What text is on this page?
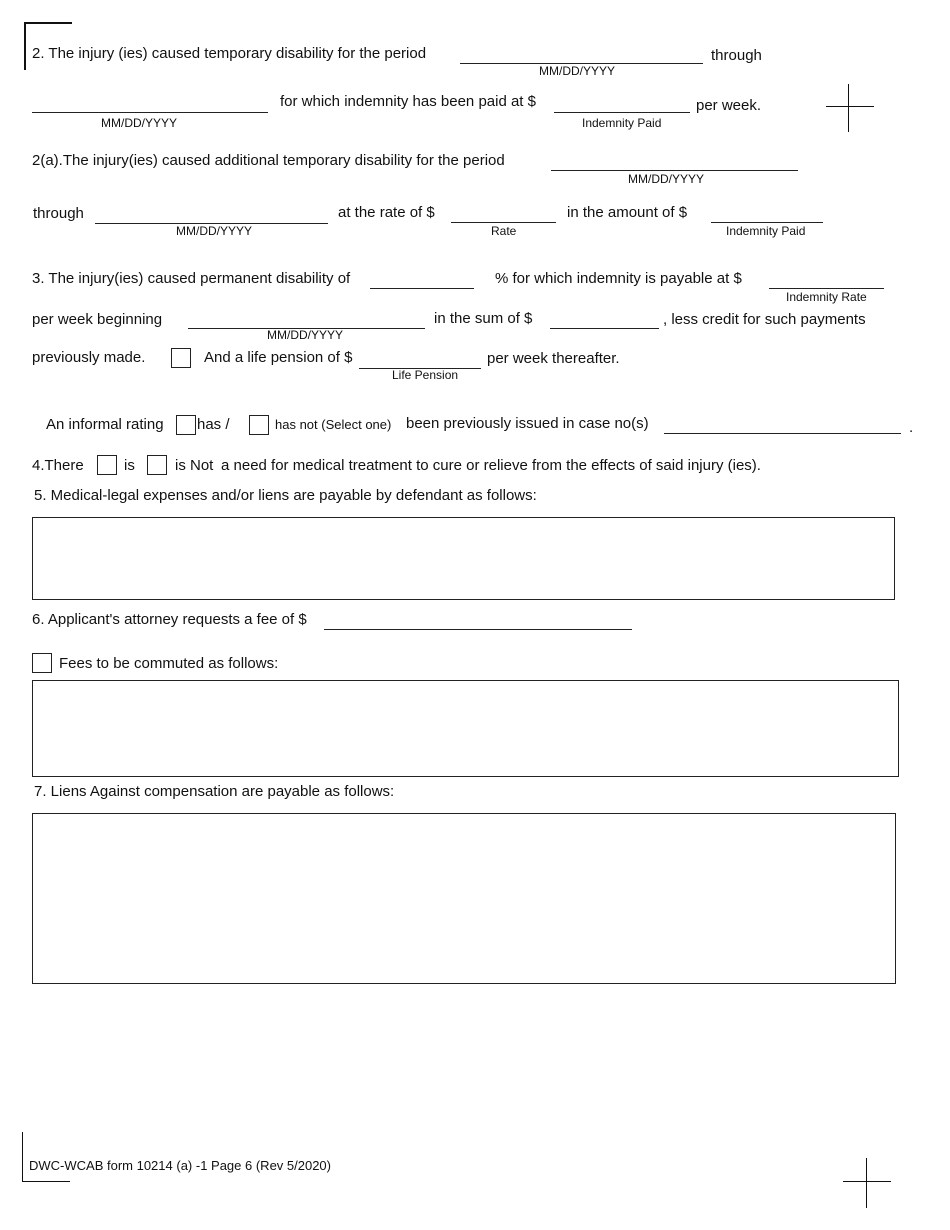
2. The injury (ies) caused temporary disability for the period
MM/DD/YYYY
through
MM/DD/YYYY
for which indemnity has been paid at $
Indemnity Paid
per week.
2(a).The injury(ies) caused additional temporary disability for the period
MM/DD/YYYY
through
MM/DD/YYYY
at the rate of $
Rate
in the amount of $
Indemnity Paid
3. The injury(ies) caused permanent disability of	% for which indemnity is payable at $
Indemnity Rate
per week beginning
MM/DD/YYYY
in the sum of $	, less credit for such payments
previously made.	And a life pension of $
Life Pension
per week thereafter.
An informal rating has /	has not (Select one) been previously issued in case no(s)	.
4.There	is	is Not a need for medical treatment to cure or relieve from the effects of said injury (ies).
5. Medical-legal expenses and/or liens are payable by defendant as follows:
6. Applicant's attorney requests a fee of $
Fees to be commuted as follows:
7. Liens Against compensation are payable as follows:
DWC-WCAB form 10214 (a) -1 Page 6 (Rev 5/2020)
